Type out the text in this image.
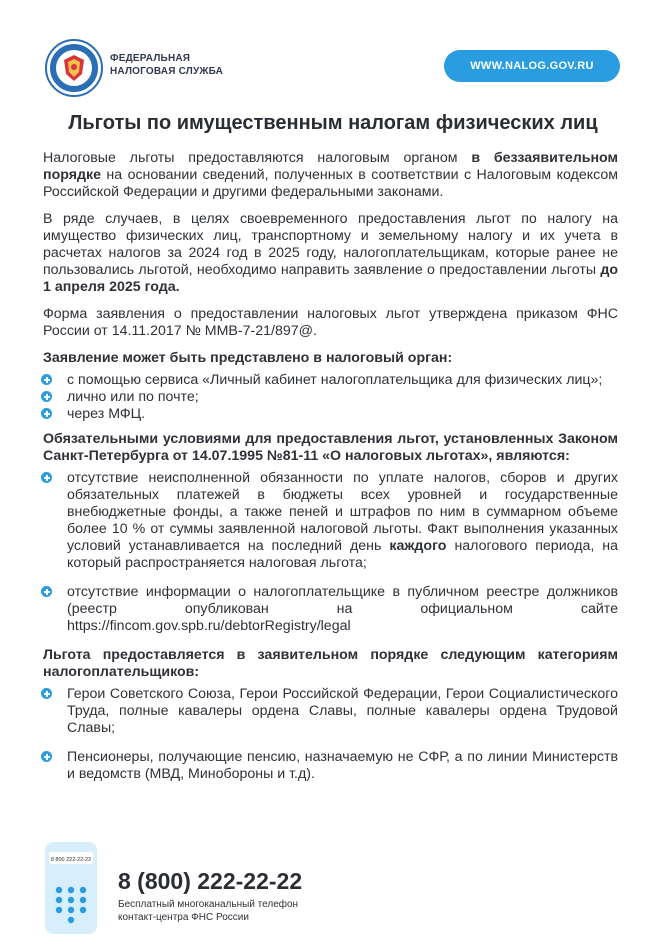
ФЕДЕРАЛЬНАЯ
НАЛОГОВАЯ СЛУЖБА	WWW.NALOG.GOV.RU
Льготы по имущественным налогам физических лиц

Налоговые льготы предоставляются налоговым органом в беззаявительном порядке на основании сведений, полученных в соответствии с Налоговым кодексом Российской Федерации и другими федеральными законами.

В ряде случаев, в целях своевременного предоставления льгот по налогу на имущество физических лиц, транспортному и земельному налогу и их учета в расчетах налогов за 2024 год в 2025 году, налогоплательщикам, которые ранее не пользовались льготой, необходимо направить заявление о предоставлении льготы до 1 апреля 2025 года.

Форма заявления о предоставлении налоговых льгот утверждена приказом ФНС России от 14.11.2017 № ММВ-7-21/897@.

Заявление может быть представлено в налоговый орган:

с помощью сервиса «Личный кабинет налогоплательщика для физических лиц»;
лично или по почте;
через МФЦ.

Обязательными условиями для предоставления льгот, установленных Законом Санкт-Петербурга от 14.07.1995 №81-11 «О налоговых льготах», являются:

отсутствие неисполненной обязанности по уплате налогов, сборов и других обязательных платежей в бюджеты всех уровней и государственные внебюджетные фонды, а также пеней и штрафов по ним в суммарном объеме более 10 % от суммы заявленной налоговой льготы. Факт выполнения указанных условий устанавливается на последний день каждого налогового периода, на который распространяется налоговая льгота;
отсутствие информации о налогоплательщике в публичном реестре должников (реестр опубликован на официальном сайте https://fincom.gov.spb.ru/debtorRegistry/legal

Льгота предоставляется в заявительном порядке следующим категориям налогоплательщиков:

Герои Советского Союза, Герои Российской Федерации, Герои Социалистического Труда, полные кавалеры ордена Славы, полные кавалеры ордена Трудовой Славы;
Пенсионеры, получающие пенсию, назначаемую не СФР, а по линии Министерств и ведомств (МВД, Минобороны и т.д).
8 800 222-22-22
8 (800) 222-22-22
Бесплатный многоканальный телефон
контакт-центра ФНС России
